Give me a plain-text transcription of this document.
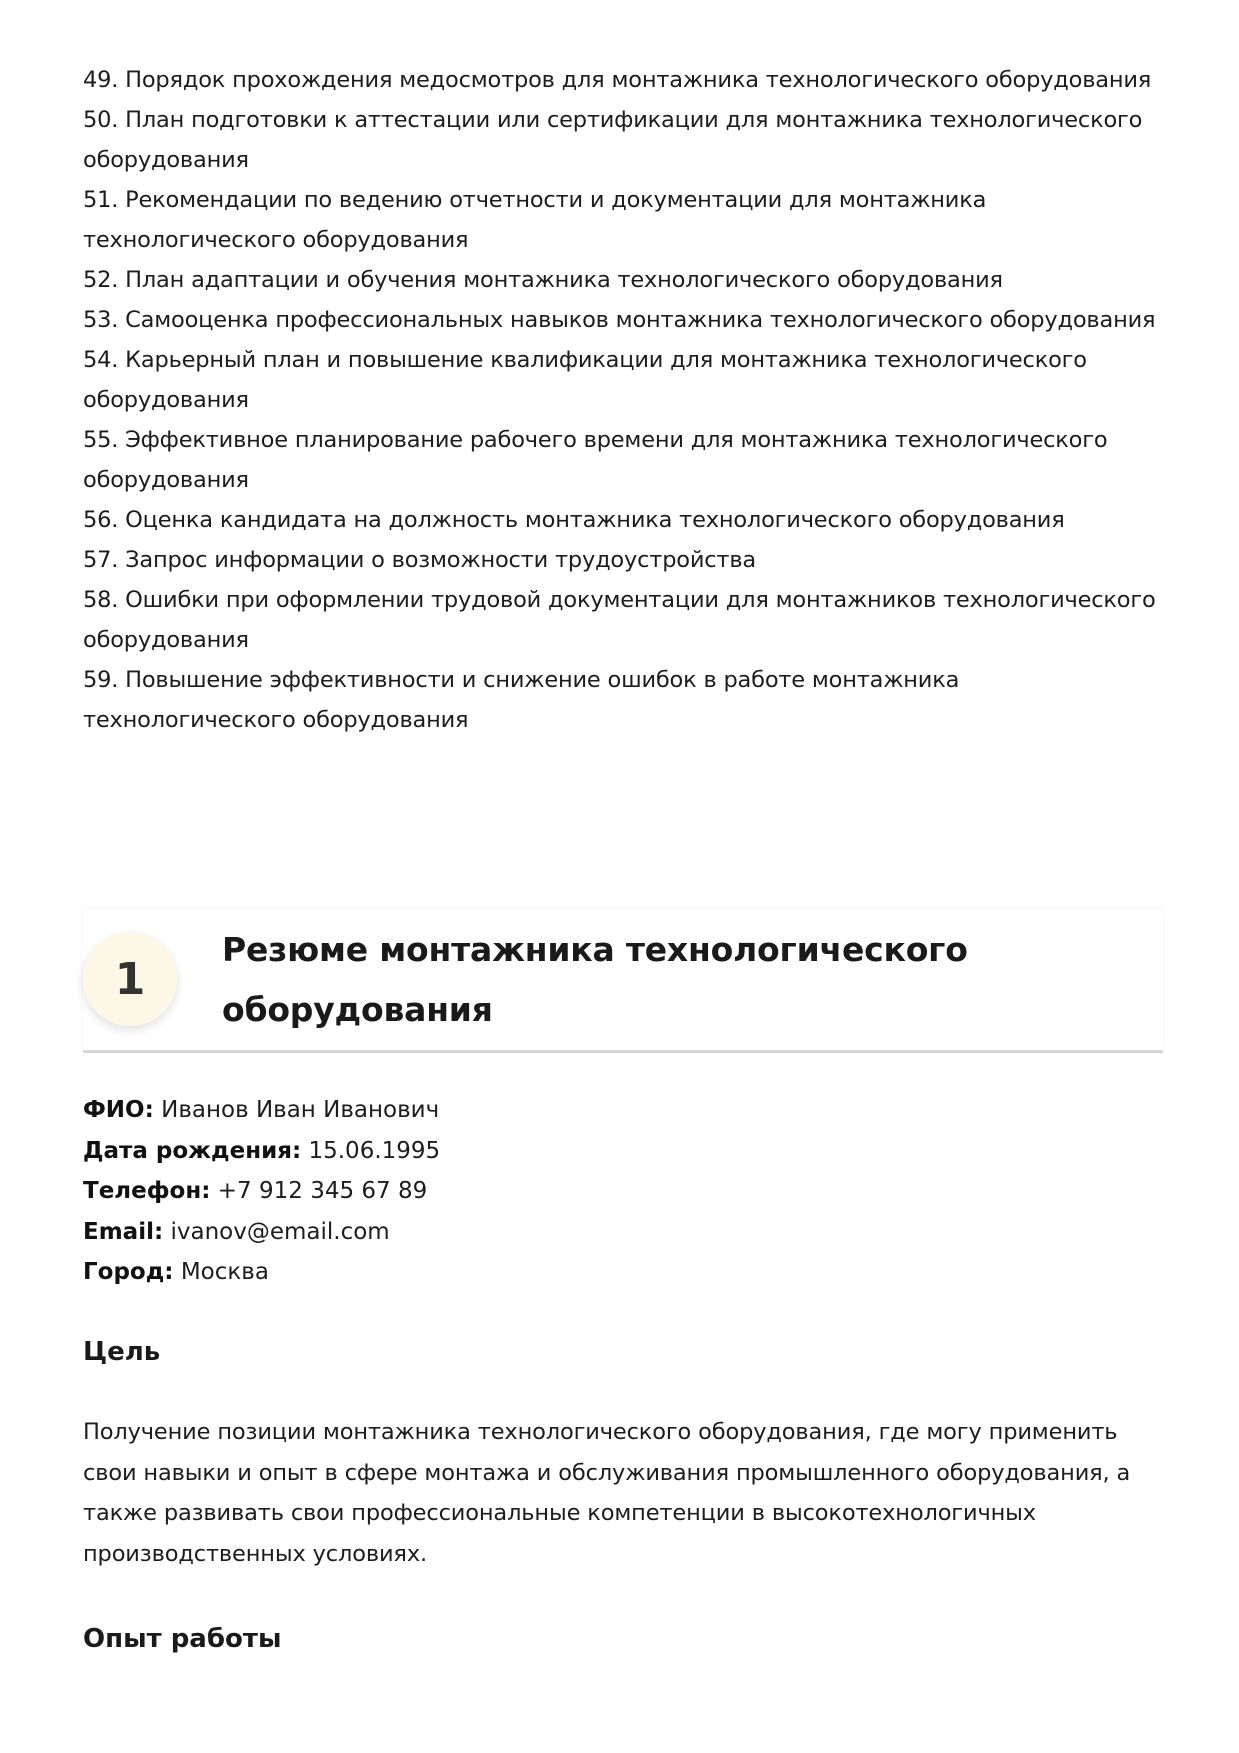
49. Порядок прохождения медосмотров для монтажника технологического оборудования
50. План подготовки к аттестации или сертификации для монтажника технологического оборудования
51. Рекомендации по ведению отчетности и документации для монтажника технологического оборудования
52. План адаптации и обучения монтажника технологического оборудования
53. Самооценка профессиональных навыков монтажника технологического оборудования
54. Карьерный план и повышение квалификации для монтажника технологического оборудования
55. Эффективное планирование рабочего времени для монтажника технологического оборудования
56. Оценка кандидата на должность монтажника технологического оборудования
57. Запрос информации о возможности трудоустройства
58. Ошибки при оформлении трудовой документации для монтажников технологического оборудования
59. Повышение эффективности и снижение ошибок в работе монтажника технологического оборудования
1
Резюме монтажника технологического оборудования
ФИО: Иванов Иван Иванович
Дата рождения: 15.06.1995
Телефон: +7 912 345 67 89
Email: ivanov@email.com
Город: Москва
Цель
Получение позиции монтажника технологического оборудования, где могу применить свои навыки и опыт в сфере монтажа и обслуживания промышленного оборудования, а также развивать свои профессиональные компетенции в высокотехнологичных производственных условиях.
Опыт работы
